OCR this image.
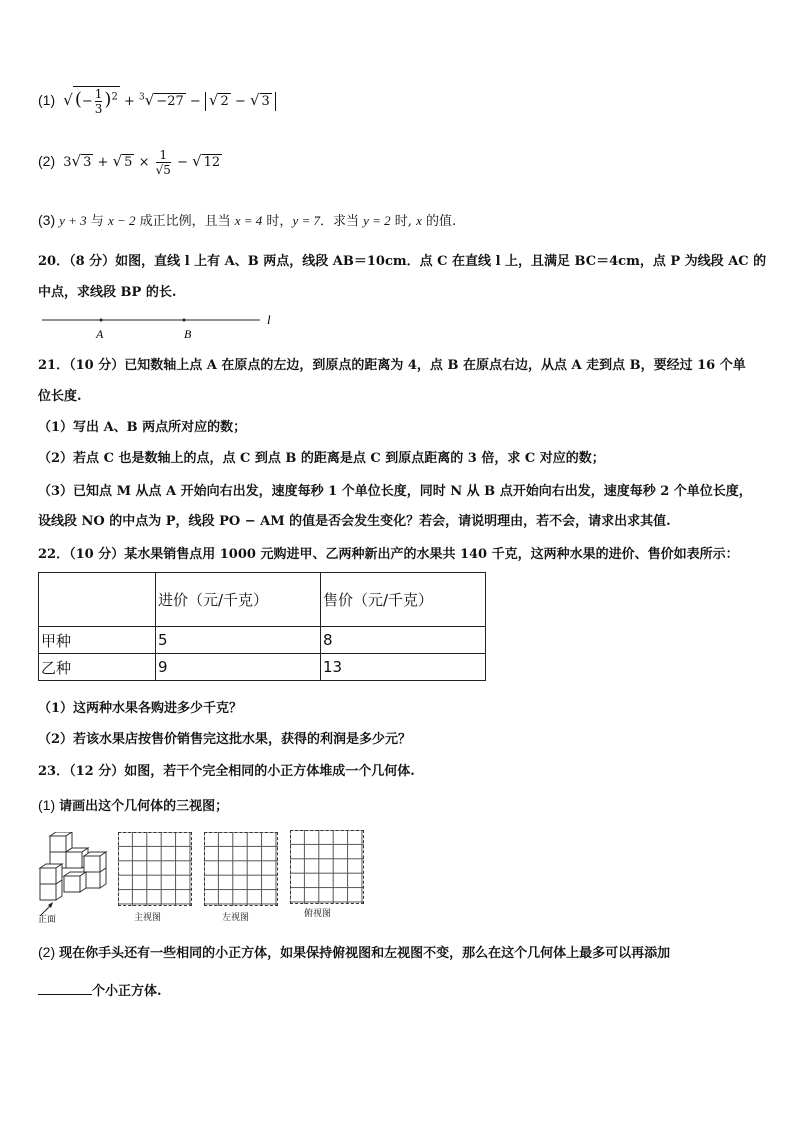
(1) √ (− $\frac{1}{3} )^2 + ^3√ -27$ − √ 2 − √ 3
(2) 3√ 3 + √ $5 \times \frac{1}{√5}$ − √ 12
(3) y + 3 与 x − 2 成正比例，且当 x = 4 时，y = 7．求当 y = 2 时, x 的值.
20．（8 分）如图，直线 l 上有 A、B 两点，线段 AB＝10cm．点 C 在直线 l 上，且满足 BC＝4cm，点 P 为线段 AC 的
中点，求线段 BP 的长.
A	B
l
21．（10 分）已知数轴上点 A 在原点的左边，到原点的距离为 4，点 B 在原点右边，从点 A 走到点 B，要经过 16 个单
位长度.
（1）写出 A、B 两点所对应的数；
（2）若点 C 也是数轴上的点，点 C 到点 B 的距离是点 C 到原点距离的 3 倍，求 C 对应的数；
（3）已知点 M 从点 A 开始向右出发，速度每秒 1 个单位长度，同时 N 从 B 点开始向右出发，速度每秒 2 个单位长度，
设线段 NO 的中点为 P，线段 PO − AM 的值是否会发生变化？若会，请说明理由，若不会，请求出求其值.
22．（10 分）某水果销售点用 1000 元购进甲、乙两种新出产的水果共 140 千克，这两种水果的进价、售价如表所示：
	进价（元/千克）	售价（元/千克）
甲种	5	8
乙种	9	13
（1）这两种水果各购进多少千克？
（2）若该水果店按售价销售完这批水果，获得的利润是多少元？
23．（12 分）如图，若干个完全相同的小正方体堆成一个几何体.
(1) 请画出这个几何体的三视图；
正面	主视图	左视图	俯视图
(2) 现在你手头还有一些相同的小正方体，如果保持俯视图和左视图不变，那么在这个几何体上最多可以再添加
个小正方体.
